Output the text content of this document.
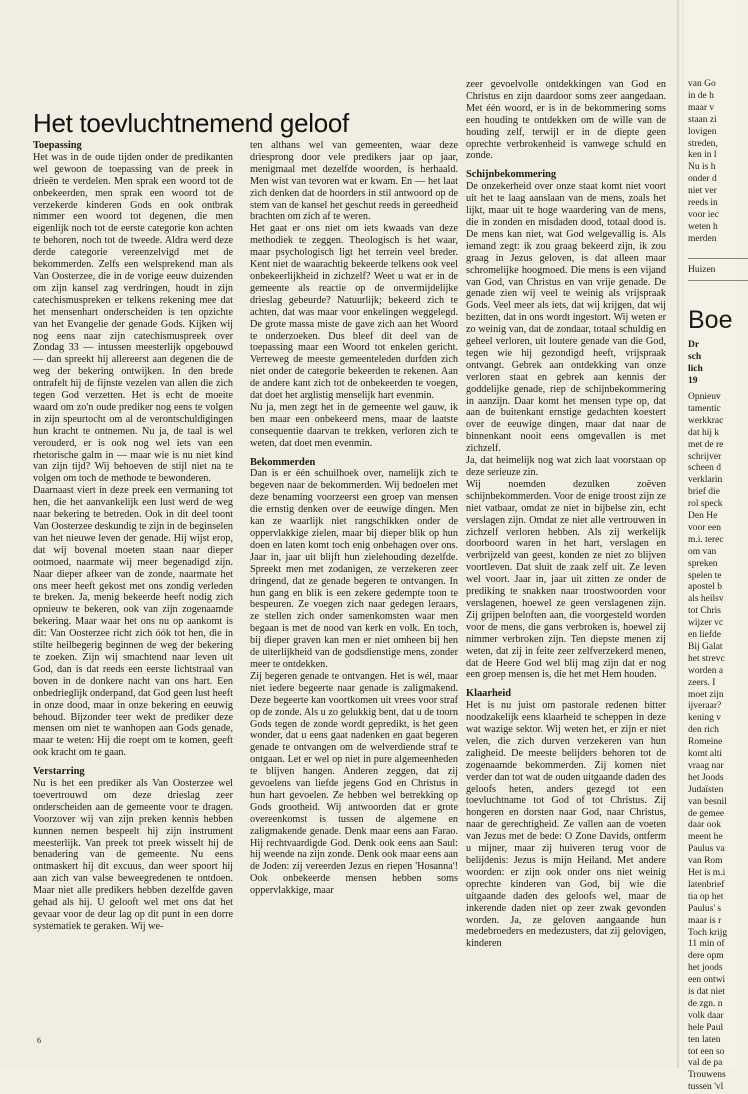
Het toevluchtnemend geloof
Toepassing

Het was in de oude tijden onder de predikanten wel gewoon de toepassing van de preek in drieën te verdelen. Men sprak een woord tot de onbekeerden, men sprak een woord tot de verzekerde kinderen Gods en ook ontbrak nimmer een woord tot degenen, die men eigenlijk noch tot de eerste categorie kon achten te behoren, noch tot de tweede. Aldra werd deze derde categorie vereenzelvigd met de bekommerden. Zelfs een welsprekend man als Van Oosterzee, die in de vorige eeuw duizenden om zijn kansel zag verdringen, houdt in zijn catechismuspreken er telkens rekening mee dat het mensenhart onderscheiden is ten opzichte van het Evangelie der genade Gods. Kijken wij nog eens naar zijn catechismuspreek over Zondag 33 — intussen meesterlijk opgebouwd — dan spreekt hij allereerst aan degenen die de weg der bekering ontwijken. In den brede ontrafelt hij de fijnste vezelen van allen die zich tegen God verzetten. Het is echt de moeite waard om zo'n oude prediker nog eens te volgen in zijn speurtocht om al de verontschuldigingen hun kracht te ontnemen. Nu ja, de taal is wel verouderd, er is ook nog wel iets van een rhetorische galm in — maar wie is nu niet kind van zijn tijd? Wij behoeven de stijl niet na te volgen om toch de methode te bewonderen.

Daarnaast viert in deze preek een vermaning tot hen, die het aanvankelijk een lust werd de weg naar bekering te betreden. Ook in dit deel toont Van Oosterzee deskundig te zijn in de beginselen van het nieuwe leven der genade. Hij wijst erop, dat wij bovenal moeten staan naar dieper ootmoed, naarmate wij meer begenadigd zijn. Naar dieper afkeer van de zonde, naarmate het ons meer heeft gekost met ons zondig verleden te breken. Ja, menig bekeerde heeft nodig zich opnieuw te bekeren, ook van zijn zogenaamde bekering. Maar waar het ons nu op aankomt is dit: Van Oosterzee richt zich óók tot hen, die in stilte heilbegerig beginnen de weg der bekering te zoeken. Zijn wij smachtend naar leven uit God, dan is dat reeds een eerste lichtstraal van boven in de donkere nacht van ons hart. Een onbedrieglijk onderpand, dat God geen lust heeft in onze dood, maar in onze bekering en eeuwig behoud. Bijzonder teer wekt de prediker deze mensen om niet te wanhopen aan Gods genade, maar te weten: Hij die roept om te komen, geeft ook kracht om te gaan.

Verstarring

Nu is het een prediker als Van Oosterzee wel toevertrouwd om deze drieslag zeer onderscheiden aan de gemeente voor te dragen. Voorzover wij van zijn preken kennis hebben kunnen nemen bespeelt hij zijn instrument meesterlijk. Van preek tot preek wisselt hij de benadering van de gemeente. Nu eens ontmaskert hij dit excuus, dan weer spoort hij aan zich van valse beweegredenen te ontdoen. Maar niet alle predikers hebben dezelfde gaven gehad als hij. U gelooft wel met ons dat het gevaar voor de deur lag op dit punt in een dorre systematiek te geraken. Wij we-

ten althans wel van gemeenten, waar deze driesprong door vele predikers jaar op jaar, menigmaal met dezelfde woorden, is herhaald. Men wist van tevoren wat er kwam. En — het laat zich denken dat de hoorders in stil antwoord op de stem van de kansel het geschut reeds in gereedheid brachten om zich af te weren.

Het gaat er ons niet om iets kwaads van deze methodiek te zeggen. Theologisch is het waar, maar psychologisch ligt het terrein veel breder. Kent niet de waarachtig bekeerde telkens ook veel onbekeerlijkheid in zichzelf? Weet u wat er in de gemeente als reactie op de onvermijdelijke drieslag gebeurde? Natuurlijk; bekeerd zich te achten, dat was maar voor enkelingen weggelegd. De grote massa miste de gave zich aan het Woord te onderzoeken. Dus bleef dit deel van de toepassing maar een Woord tot enkelen gericht. Verreweg de meeste gemeenteleden durfden zich niet onder de categorie bekeerden te rekenen. Aan de andere kant zich tot de onbekeerden te voegen, dat doet het arglistig menselijk hart evenmin.

Nu ja, men zegt het in de gemeente wel gauw, ik ben maar een onbekeerd mens, maar de laatste consequentie daarvan te trekken, verloren zich te weten, dat doet men evenmin.

Bekommerden

Dan is er één schuilhoek over, namelijk zich te begeven naar de bekommerden. Wij bedoelen met deze benaming voorzeerst een groep van mensen die ernstig denken over de eeuwige dingen. Men kan ze waarlijk niet rangschikken onder de oppervlakkige zielen, maar bij dieper blik op hun doen en laten komt toch enig onbehagen over ons. Jaar in, jaar uit blijft hun zielehouding dezelfde. Spreekt men met zodanigen, ze verzekeren zeer dringend, dat ze genade begeren te ontvangen. In hun gang en blik is een zekere gedempte toon te bespeuren. Ze voegen zich naar gedegen leraars, ze stellen zich onder samenkomsten waar men begaan is met de nood van kerk en volk. En toch, bij dieper graven kan men er niet omheen bij hen de uiterlijkheid van de godsdienstige mens, zonder meer te ontdekken.

Zij begeren genade te ontvangen. Het is wél, maar niet iedere begeerte naar genade is zaligmakend. Deze begeerte kan voortkomen uit vrees voor straf op de zonde. Als u zo gelukkig bent, dat u de toorn Gods tegen de zonde wordt gepredikt, is het geen wonder, dat u eens gaat nadenken en gaat begeren genade te ontvangen om de welverdiende straf te ontgaan. Let er wel op niet in pure algemeenheden te blijven hangen. Anderen zeggen, dat zij gevoelens van liefde jegens God en Christus in hun hart gevoelen. Ze hebben wel betrekking op Gods grootheid. Wij antwoorden dat er grote overeenkomst is tussen de algemene en zaligmakende genade. Denk maar eens aan Farao. Hij rechtvaardigde God. Denk ook eens aan Saul: hij weende na zijn zonde. Denk ook maar eens aan de Joden: zij vereerden Jezus en riepen 'Hosanna'! Ook onbekeerde mensen hebben soms oppervlakkige, maar

zeer gevoelvolle ontdekkingen van God en Christus en zijn daardoor soms zeer aangedaan. Met één woord, er is in de bekommering soms een houding te ontdekken om de wille van de houding zelf, terwijl er in de diepte geen oprechte verbrokenheid is vanwege schuld en zonde.

Schijnbekommering

De onzekerheid over onze staat komt niet voort uit het te laag aanslaan van de mens, zoals het lijkt, maar uit te hoge waardering van de mens, die in zonden en misdaden dood, totaal dood is. De mens kan niet, wat God welgevallig is. Als iemand zegt: ik zou graag bekeerd zijn, ik zou graag in Jezus geloven, is dat alleen maar schromelijke hoogmoed. Die mens is een vijand van God, van Christus en van vrije genade. De genade zien wij veel te weinig als vrijspraak Gods. Veel meer als iets, dat wij krijgen, dat wij bezitten, dat in ons wordt ingestort. Wij weten er zo weinig van, dat de zondaar, totaal schuldig en geheel verloren, uit loutere genade van die God, tegen wie hij gezondigd heeft, vrijspraak ontvangt. Gebrek aan ontdekking van onze verloren staat en gebrek aan kennis der goddelijke genade, riep de schijnbekommering in aanzijn. Daar komt het mensen type op, dat aan de buitenkant ernstige gedachten koestert over de eeuwige dingen, maar dat naar de binnenkant nooit eens omgevallen is met zichzelf.

Ja, dat heimelijk nog wat zich laat voorstaan op deze serieuze zin.

Wij noemden dezulken zoëven schijnbekommerden. Voor de enige troost zijn ze niet vatbaar, omdat ze niet in bijbelse zin, echt verslagen zijn. Omdat ze niet alle vertrouwen in zichzelf verloren hebben. Als zij werkelijk doorboord waren in het hart, verslagen en verbrijzeld van geest, konden ze niet zo blijven voortleven. Dat sluit de zaak zelf uit. Ze leven wel voort. Jaar in, jaar uit zitten ze onder de prediking te snakken naar troostwoorden voor verslagenen, hoewel ze geen verslagenen zijn. Zij grijpen beloften aan, die voorgesteld worden voor de mens, die gans verbroken is, hoewel zij nimmer verbroken zijn. Ten diepste menen zij weten, dat zij in feite zeer zelfverzekerd menen, dat de Heere God wel blij mag zijn dat er nog een groep mensen is, die het met Hem houden.

Klaarheid

Het is nu juist om pastorale redenen bitter noodzakelijk eens klaarheid te scheppen in deze wat wazige sektor. Wij weten het, er zijn er niet velen, die zich durven verzekeren van hun zaligheid. De meeste belijders behoren tot de zogenaamde bekommerden. Zij komen niet verder dan tot wat de ouden uitgaande daden des geloofs heten, anders gezegd tot een toevluchtname tot God of tot Christus. Zij hongeren en dorsten naar God, naar Christus, naar de gerechtigheid. Ze vallen aan de voeten van Jezus met de bede: O Zone Davids, ontferm u mijner, maar zij huiveren terug voor de belijdenis: Jezus is mijn Heiland. Met andere woorden: er zijn ook onder ons niet weinig oprechte kinderen van God, bij wie die uitgaande daden des geloofs wel, maar de inkerende daden niet op zeer zwak gevonden worden. Ja, ze geloven aangaande hun medebroeders en medezusters, dat zij gelovigen, kinderen

6
van Go
in de h
maar v
staan zi
lovigen
streden,
ken in l
Nu is h
onder d
niet ver
reeds in
voor iec
weten h
merden
Huizen
Boe
Dr
sch
lich
19
Opnieuv
tamentic
werkkrac
dat hij k
met de re
schrijver
scheen d
verklarin
brief die
rol speck
Den He
voor een
m.i. terec
om van
spreken
spelen te
apostel b
als heilsv
tot Chris
wijzer vc
en liefde
Bij Galat
het strevc
worden a
zeers. I
moet zijn
ijveraar?
kening v
den rich
Romeine
komt alti
vraag nar
het Joods
Judaïsten
van besnil
de gemee
daar ook
meent he
Paulus va
van Rom
Het is m.i
latenbrief
tia op het
Paulus' s
maar is r
Toch krijg
11 min of
dere opm
het joods
een ontwi
is dat niet
de zgn. n
volk daar
hele Paul
ten laten
tot een so
val de pa
Trouwens
tussen 'vl
